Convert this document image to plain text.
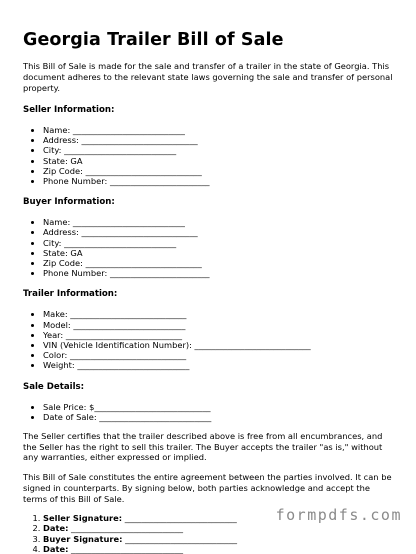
Georgia Trailer Bill of Sale

This Bill of Sale is made for the sale and transfer of a trailer in the state of Georgia. This document adheres to the relevant state laws governing the sale and transfer of personal property.

Seller Information:
• Name: ___________________________
• Address: ____________________________
• City: ___________________________
• State: GA
• Zip Code: ____________________________
• Phone Number: ________________________
Buyer Information:
• Name: ___________________________
• Address: ____________________________
• City: ___________________________
• State: GA
• Zip Code: ____________________________
• Phone Number: ________________________
Trailer Information:
• Make: ____________________________
• Model: ___________________________
• Year: ____________________________
• VIN (Vehicle Identification Number): ____________________________
• Color: ____________________________
• Weight: ___________________________
Sale Details:
• Sale Price: $____________________________
• Date of Sale: ___________________________

The Seller certifies that the trailer described above is free from all encumbrances, and the Seller has the right to sell this trailer. The Buyer accepts the trailer "as is," without any warranties, either expressed or implied.

This Bill of Sale constitutes the entire agreement between the parties involved. It can be signed in counterparts. By signing below, both parties acknowledge and accept the terms of this Bill of Sale.

1. Seller Signature: ___________________________
2. Date: ___________________________
3. Buyer Signature: ___________________________
4. Date: ___________________________
formpdfs.com
